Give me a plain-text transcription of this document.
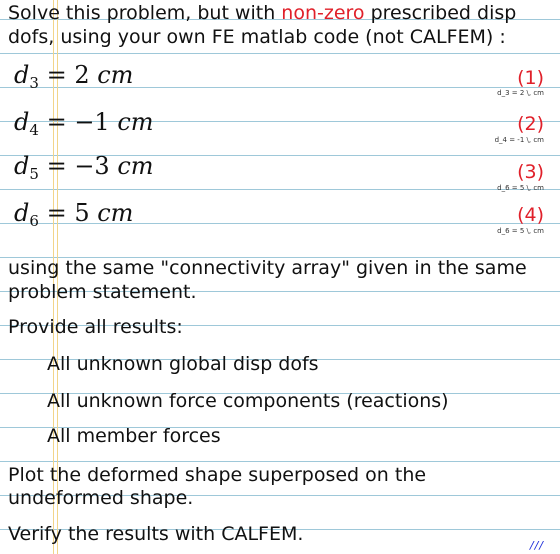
Solve this problem, but with non-zero prescribed disp
dofs, using your own FE matlab code (not CALFEM) :
$d_3 = 2$ cm	(1)
d_3 = 2 \, cm
$d_4 = -1$ cm	(2)
d_4 = -1 \, cm
$d_5 = -3$ cm	(3)
d_6 = 5 \, cm
$d_6 = 5$ cm	(4)
d_6 = 5 \, cm
using the same "connectivity array" given in the same
problem statement.
Provide all results:
All unknown global disp dofs
All unknown force components (reactions)
All member forces
Plot the deformed shape superposed on the
undeformed shape.
Verify the results with CALFEM.
///
